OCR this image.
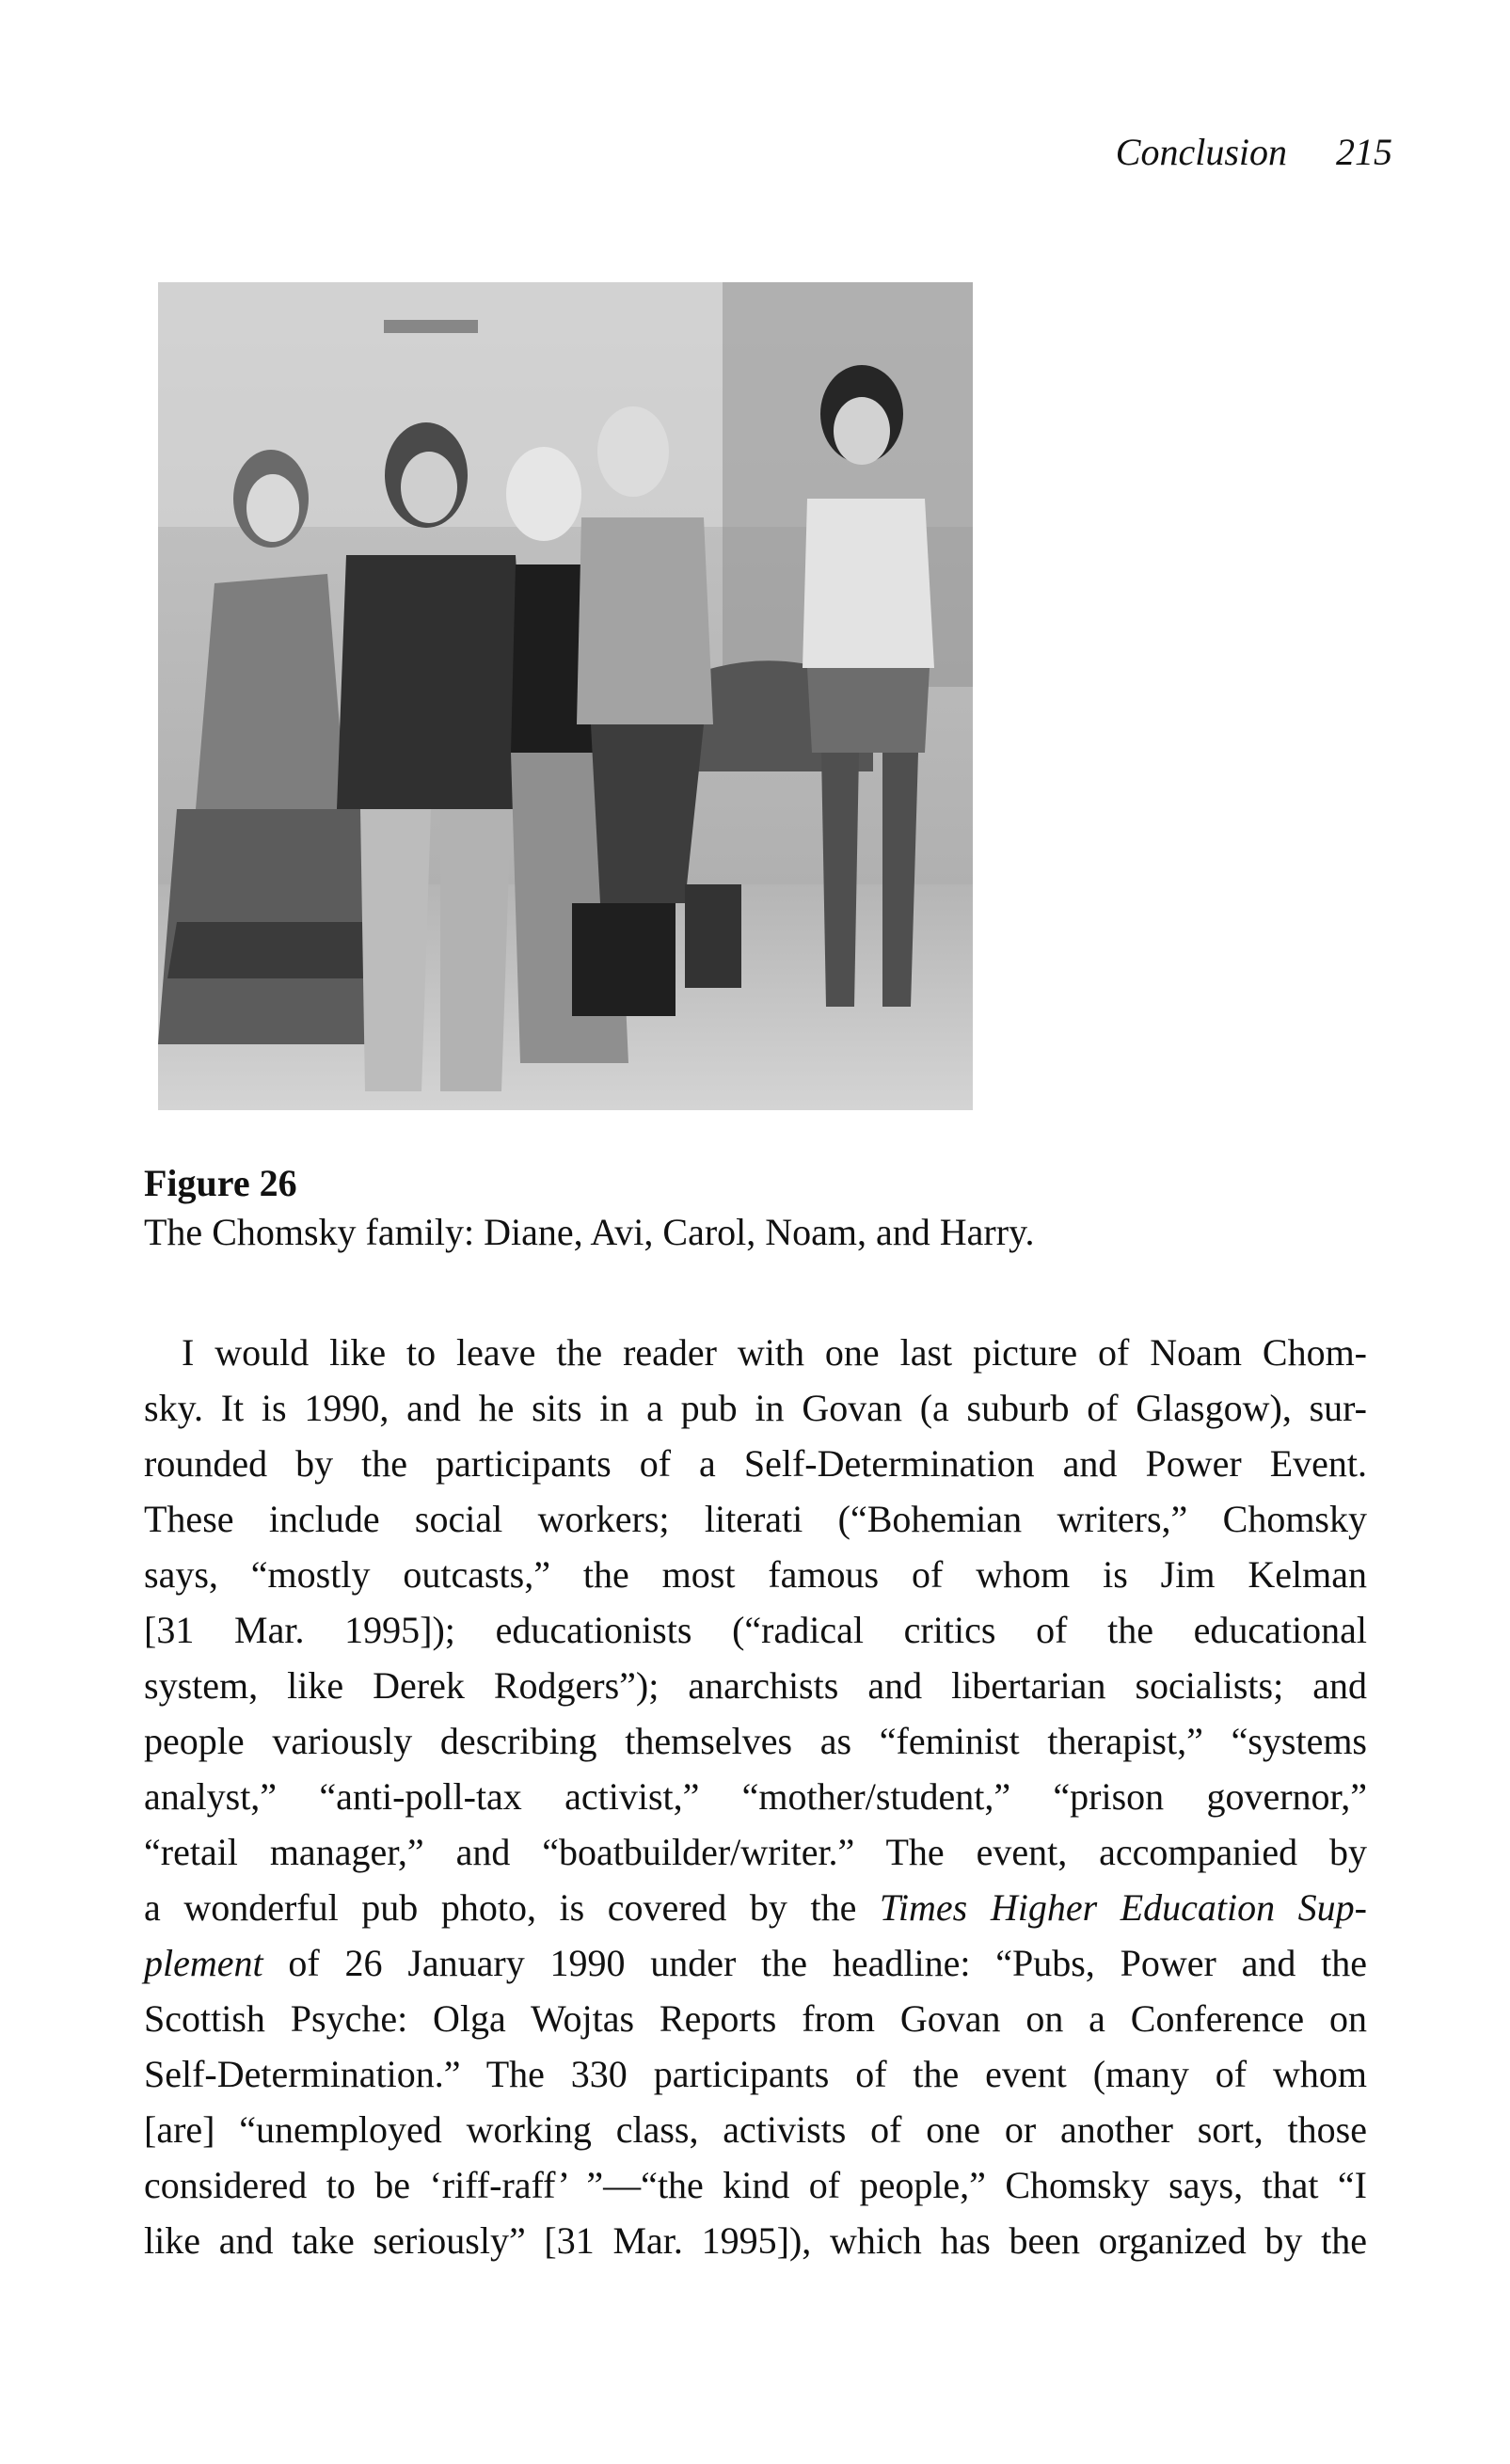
Conclusion 215
Figure 26
The Chomsky family: Diane, Avi, Carol, Noam, and Harry.
I would like to leave the reader with one last picture of Noam Chom-
sky. It is 1990, and he sits in a pub in Govan (a suburb of Glasgow), sur-
rounded by the participants of a Self-Determination and Power Event.
These include social workers; literati (“Bohemian writers,” Chomsky
says, “mostly outcasts,” the most famous of whom is Jim Kelman
[31 Mar. 1995]); educationists (“radical critics of the educational
system, like Derek Rodgers”); anarchists and libertarian socialists; and
people variously describing themselves as “feminist therapist,” “systems
analyst,” “anti-poll-tax activist,” “mother/student,” “prison governor,”
“retail manager,” and “boatbuilder/writer.” The event, accompanied by
a wonderful pub photo, is covered by the Times Higher Education Sup-
plement of 26 January 1990 under the headline: “Pubs, Power and the
Scottish Psyche: Olga Wojtas Reports from Govan on a Conference on
Self-Determination.” The 330 participants of the event (many of whom
[are] “unemployed working class, activists of one or another sort, those
considered to be ‘riff-raff’ ”—“the kind of people,” Chomsky says, that “I
like and take seriously” [31 Mar. 1995]), which has been organized by the
